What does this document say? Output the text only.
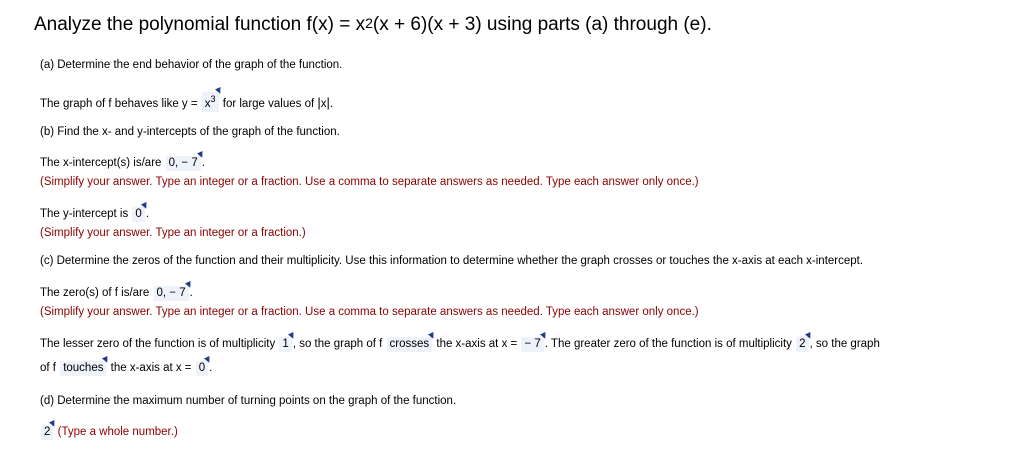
Analyze the polynomial function $f(x) = x^2(x + 6)(x + 3)$ using parts (a) through (e).
(a) Determine the end behavior of the graph of the function.
The graph of f behaves like $y = x^3$ for large values of |x|.
(b) Find the x- and y-intercepts of the graph of the function.
The x-intercept(s) is/are 0, − 7 .
(Simplify your answer. Type an integer or a fraction. Use a comma to separate answers as needed. Type each answer only once.)
The y-intercept is 0 .
(Simplify your answer. Type an integer or a fraction.)
(c) Determine the zeros of the function and their multiplicity. Use this information to determine whether the graph crosses or touches the x-axis at each x-intercept.
The zero(s) of f is/are 0, − 7 .
(Simplify your answer. Type an integer or a fraction. Use a comma to separate answers as needed. Type each answer only once.)
The lesser zero of the function is of multiplicity 1 , so the graph of f crosses the x-axis at x = − 7 . The greater zero of the function is of multiplicity 2 , so the graph
of f touches the x-axis at x = 0 .
(d) Determine the maximum number of turning points on the graph of the function.
2 (Type a whole number.)
